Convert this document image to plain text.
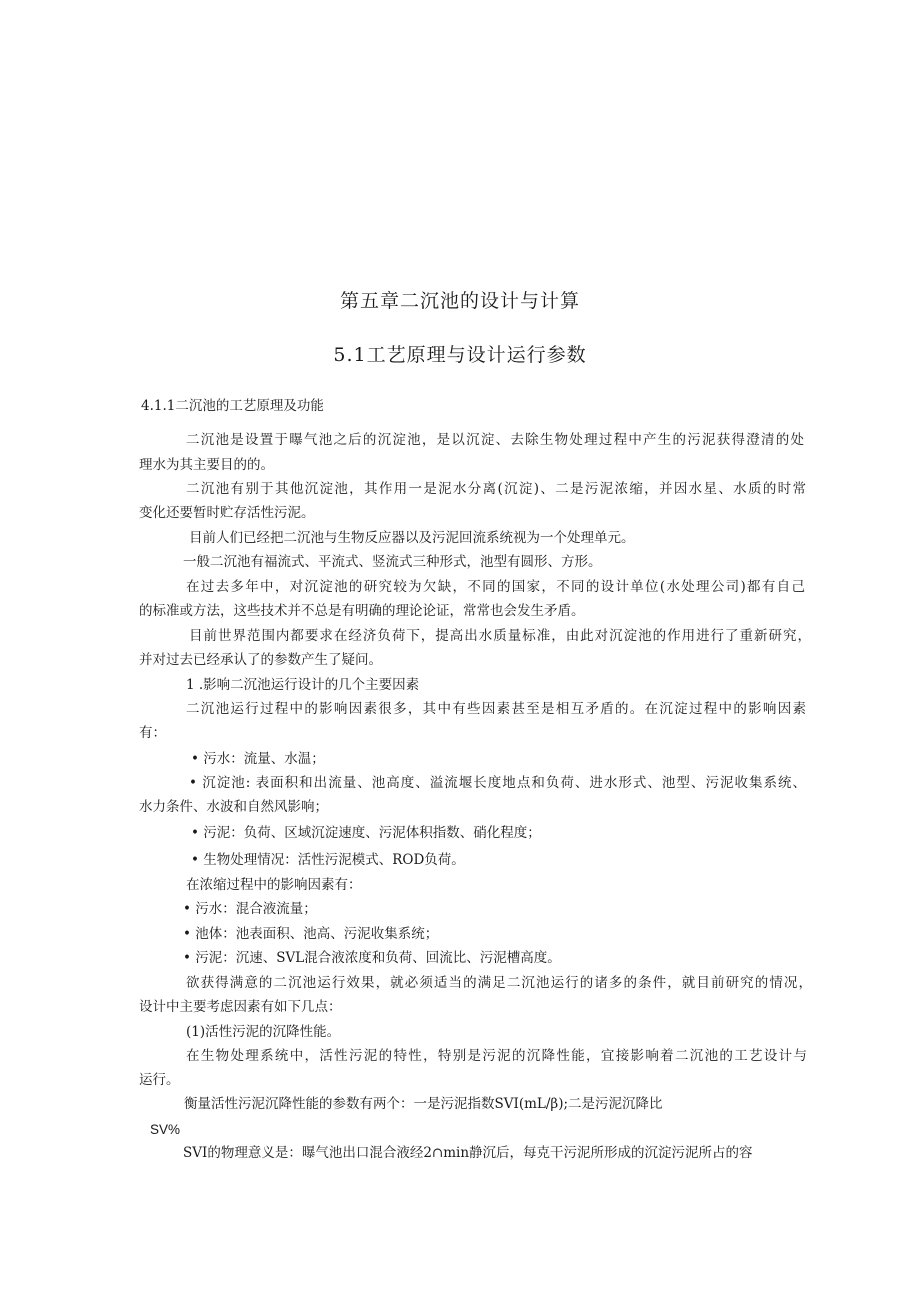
第五章二沉池的设计与计算
5.1工艺原理与设计运行参数
4.1.1二沉池的工艺原理及功能
二沉池是设置于曝气池之后的沉淀池，是以沉淀、去除生物处理过程中产生的污泥获得澄清的处
理水为其主要目的的。
二沉池有别于其他沉淀池，其作用一是泥水分离(沉淀)、二是污泥浓缩，并因水星、水质的时常
变化还要暂时贮存活性污泥。
目前人们已经把二沉池与生物反应器以及污泥回流系统视为一个处理单元。
一般二沉池有福流式、平流式、竖流式三种形式，池型有圆形、方形。
在过去多年中，对沉淀池的研究较为欠缺，不同的国家，不同的设计单位(水处理公司)都有自己
的标准或方法，这些技术并不总是有明确的理论论证，常常也会发生矛盾。
目前世界范围内都要求在经济负荷下，提高出水质量标准，由此对沉淀池的作用进行了重新研究，
并对过去已经承认了的参数产生了疑问。
1 .影响二沉池运行设计的几个主要因素
二沉池运行过程中的影响因素很多，其中有些因素甚至是相互矛盾的。在沉淀过程中的影响因素
有：
• 污水：流量、水温；
• 沉淀池: 表面积和出流量、池高度、溢流堰长度地点和负荷、进水形式、池型、污泥收集系统、
水力条件、水波和自然风影响；
• 污泥：负荷、区域沉淀速度、污泥体积指数、硝化程度；
• 生物处理情况：活性污泥模式、ROD负荷。
在浓缩过程中的影响因素有：
• 污水：混合液流量；
• 池体：池表面积、池高、污泥收集系统；
• 污泥：沉速、SVL混合液浓度和负荷、回流比、污泥槽高度。
欲获得满意的二沉池运行效果，就必须适当的满足二沉池运行的诸多的条件，就目前研究的情况，
设计中主要考虑因素有如下几点：
(1)活性污泥的沉降性能。
在生物处理系统中，活性污泥的特性，特别是污泥的沉降性能，宜接影响着二沉池的工艺设计与
运行。
衡量活性污泥沉降性能的参数有两个：一是污泥指数SVI(mL/β);二是污泥沉降比
SV%
SVI的物理意义是：曝气池出口混合液经2∩min静沉后，每克干污泥所形成的沉淀污泥所占的容
